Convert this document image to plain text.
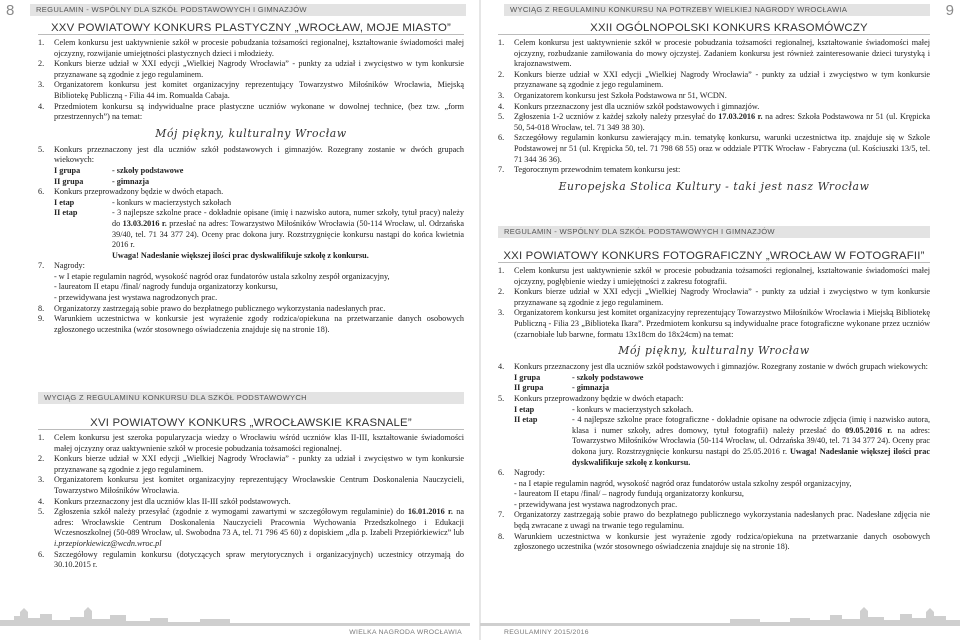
8	REGULAMIN - WSPÓLNY DLA SZKÓŁ PODSTAWOWYCH I GIMNAZJÓW

XXV POWIATOWY KONKURS PLASTYCZNY „WROCŁAW, MOJE MIASTO”

1. Celem konkursu jest uaktywnienie szkół w procesie pobudzania tożsamości regionalnej, kształtowanie świadomości małej ojczyzny, rozwijanie umiejętności plastycznych dzieci i młodzieży.
2. Konkurs bierze udział w XXI edycji „Wielkiej Nagrody Wrocławia” - punkty za udział i zwycięstwo w tym konkursie przyznawane są zgodnie z jego regulaminem.
3. Organizatorem konkursu jest komitet organizacyjny reprezentujący Towarzystwo Miłośników Wrocławia, Miejską Bibliotekę Publiczną - Filia 44 im. Romualda Cabaja.
4. Przedmiotem konkursu są indywidualne prace plastyczne uczniów wykonane w dowolnej technice, (bez tzw. „form przestrzennych”) na temat:
Mój piękny, kulturalny Wrocław
5. Konkurs przeznaczony jest dla uczniów szkół podstawowych i gimnazjów. Rozegrany zostanie w dwóch grupach wiekowych:
I grupa	- szkoły podstawowe
II grupa	- gimnazja
6. Konkurs przeprowadzony będzie w dwóch etapach.
I etap	- konkurs w macierzystych szkołach
II etap	- 3 najlepsze szkolne prace - dokładnie opisane (imię i nazwisko autora, numer szkoły, tytuł pracy) należy do 13.03.2016 r. przesłać na adres: Towarzystwo Miłośników Wrocławia (50-114 Wrocław, ul. Odrzańska 39/40, tel. 71 34 377 24). Oceny prac dokona jury. Rozstrzygnięcie konkursu nastąpi do końca kwietnia 2016 r.
Uwaga! Nadesłanie większej ilości prac dyskwalifikuje szkołę z konkursu.
7. Nagrody:
- w I etapie regulamin nagród, wysokość nagród oraz fundatorów ustala szkolny zespół organizacyjny,
- laureatom II etapu /final/ nagrody funduja organizatorzy konkursu,
- przewidywana jest wystawa nagrodzonych prac.
8. Organizatorzy zastrzegają sobie prawo do bezpłatnego publicznego wykorzystania nadesłanych prac.
9. Warunkiem uczestnictwa w konkursie jest wyrażenie zgody rodzica/opiekuna na przetwarzanie danych osobowych zgłoszonego uczestnika (wzór stosownego oświadczenia znajduje się na stronie 18).
WYCIĄG Z REGULAMINU KONKURSU DLA SZKÓŁ PODSTAWOWYCH

XVI POWIATOWY KONKURS „WROCŁAWSKIE KRASNALE”

1. Celem konkursu jest szeroka popularyzacja wiedzy o Wrocławiu wśród uczniów klas II-III, kształtowanie świadomości małej ojczyzny oraz uaktywnienie szkół w procesie pobudzania tożsamości regionalnej.
2. Konkurs bierze udział w XXI edycji „Wielkiej Nagrody Wrocławia” - punkty za udział i zwycięstwo w tym konkursie przyznawane są zgodnie z jego regulaminem.
3. Organizatorem konkursu jest komitet organizacyjny reprezentujący Wrocławskie Centrum Doskonalenia Nauczycieli, Towarzystwo Miłośników Wrocławia.
4. Konkurs przeznaczony jest dla uczniów klas II-III szkół podstawowych.
5. Zgłoszenia szkół należy przesyłać (zgodnie z wymogami zawartymi w szczegółowym regulaminie) do 16.01.2016 r. na adres: Wrocławskie Centrum Doskonalenia Nauczycieli Pracownia Wychowania Przedszkolnego i Edukacji Wczesnoszkolnej (50-089 Wrocław, ul. Swobodna 73 A, tel. 71 796 45 60) z dopiskiem „dla p. Izabeli Przepiórkiewicz” lub i.przepiorkiewicz@wcdn.wroc.pl
6. Szczegółowy regulamin konkursu (dotyczących spraw merytorycznych i organizacyjnych) uczestnicy otrzymają do 30.10.2015 r.
WIELKA NAGRODA WROCŁAWIA
9
WYCIĄG Z REGULAMINU KONKURSU NA POTRZEBY WIELKIEJ NAGRODY WROCŁAWIA

XXII OGÓLNOPOLSKI KONKURS KRASOMÓWCZY

1. Celem konkursu jest uaktywnienie szkół w procesie pobudzania tożsamości regionalnej, kształtowanie świadomości małej ojczyzny, rozbudzanie zamiłowania do mowy ojczystej. Zadaniem konkursu jest również zainteresowanie dzieci turystyką i krajoznawstwem.
2. Konkurs bierze udział w XXI edycji „Wielkiej Nagrody Wrocławia” - punkty za udział i zwycięstwo w tym konkursie przyznawane są zgodnie z jego regulaminem.
3. Organizatorem konkursu jest Szkoła Podstawowa nr 51, WCDN.
4. Konkurs przeznaczony jest dla uczniów szkół podstawowych i gimnazjów.
5. Zgłoszenia 1-2 uczniów z każdej szkoły należy przesyłać do 17.03.2016 r. na adres: Szkoła Podstawowa nr 51 (ul. Krępicka 50, 54-018 Wrocław, tel. 71 349 38 30).
6. Szczegółowy regulamin konkursu zawierający m.in. tematykę konkursu, warunki uczestnictwa itp. znajduje się w Szkole Podstawowej nr 51 (ul. Krępicka 50, tel. 71 798 68 55) oraz w oddziale PTTK Wrocław - Fabryczna (ul. Kościuszki 13/5, tel. 71 344 36 36).
7. Tegorocznym przewodnim tematem konkursu jest:
Europejska Stolica Kultury - taki jest nasz Wrocław
REGULAMIN - WSPÓLNY DLA SZKÓŁ PODSTAWOWYCH I GIMNAZJÓW

XXI POWIATOWY KONKURS FOTOGRAFICZNY „WROCŁAW W FOTOGRAFII”

1. Celem konkursu jest uaktywnienie szkół w procesie pobudzania tożsamości regionalnej, kształtowanie świadomości małej ojczyzny, pogłębienie wiedzy i umiejętności z zakresu fotografii.
2. Konkurs bierze udział w XXI edycji „Wielkiej Nagrody Wrocławia” - punkty za udział i zwycięstwo w tym konkursie przyznawane są zgodnie z jego regulaminem.
3. Organizatorem konkursu jest komitet organizacyjny reprezentujący Towarzystwo Miłośników Wrocławia i Miejską Bibliotekę Publiczną - Filia 23 „Biblioteka Ikara”. Przedmiotem konkursu są indywidualne prace fotograficzne wykonane przez uczniów (czarnobiałe lub barwne, formatu 13x18cm do 18x24cm) na temat:
Mój piękny, kulturalny Wrocław
4. Konkurs przeznaczony jest dla uczniów szkół podstawowych i gimnazjów. Rozegrany zostanie w dwóch grupach wiekowych:
I grupa	- szkoły podstawowe
II grupa	- gimnazja
5. Konkurs przeprowadzony będzie w dwóch etapach:
I etap	- konkurs w macierzystych szkołach.
II etap	- 4 najlepsze szkolne prace fotograficzne - dokładnie opisane na odwrocie zdjęcia (imię i nazwisko autora, klasa i numer szkoły, adres domowy, tytuł fotografii) należy przesłać do 09.05.2016 r. na adres: Towarzystwo Miłośników Wrocławia (50-114 Wrocław, ul. Odrzańska 39/40, tel. 71 34 377 24). Oceny prac dokona jury. Rozstrzygnięcie konkursu nastąpi do 25.05.2016 r. Uwaga! Nadesłanie większej ilości prac dyskwalifikuje szkołę z konkursu.
6. Nagrody:
- na I etapie regulamin nagród, wysokość nagród oraz fundatorów ustala szkolny zespół organizacyjny,
- laureatom II etapu /final/ – nagrody fundują organizatorzy konkursu,
- przewidywana jest wystawa nagrodzonych prac.
7. Organizatorzy zastrzegają sobie prawo do bezpłatnego publicznego wykorzystania nadesłanych prac. Nadesłane zdjęcia nie będą zwracane z uwagi na trwanie tego regulaminu.
8. Warunkiem uczestnictwa w konkursie jest wyrażenie zgody rodzica/opiekuna na przetwarzanie danych osobowych zgłoszonego uczestnika (wzór stosownego oświadczenia znajduje się na stronie 18).
REGULAMINY 2015/2016
